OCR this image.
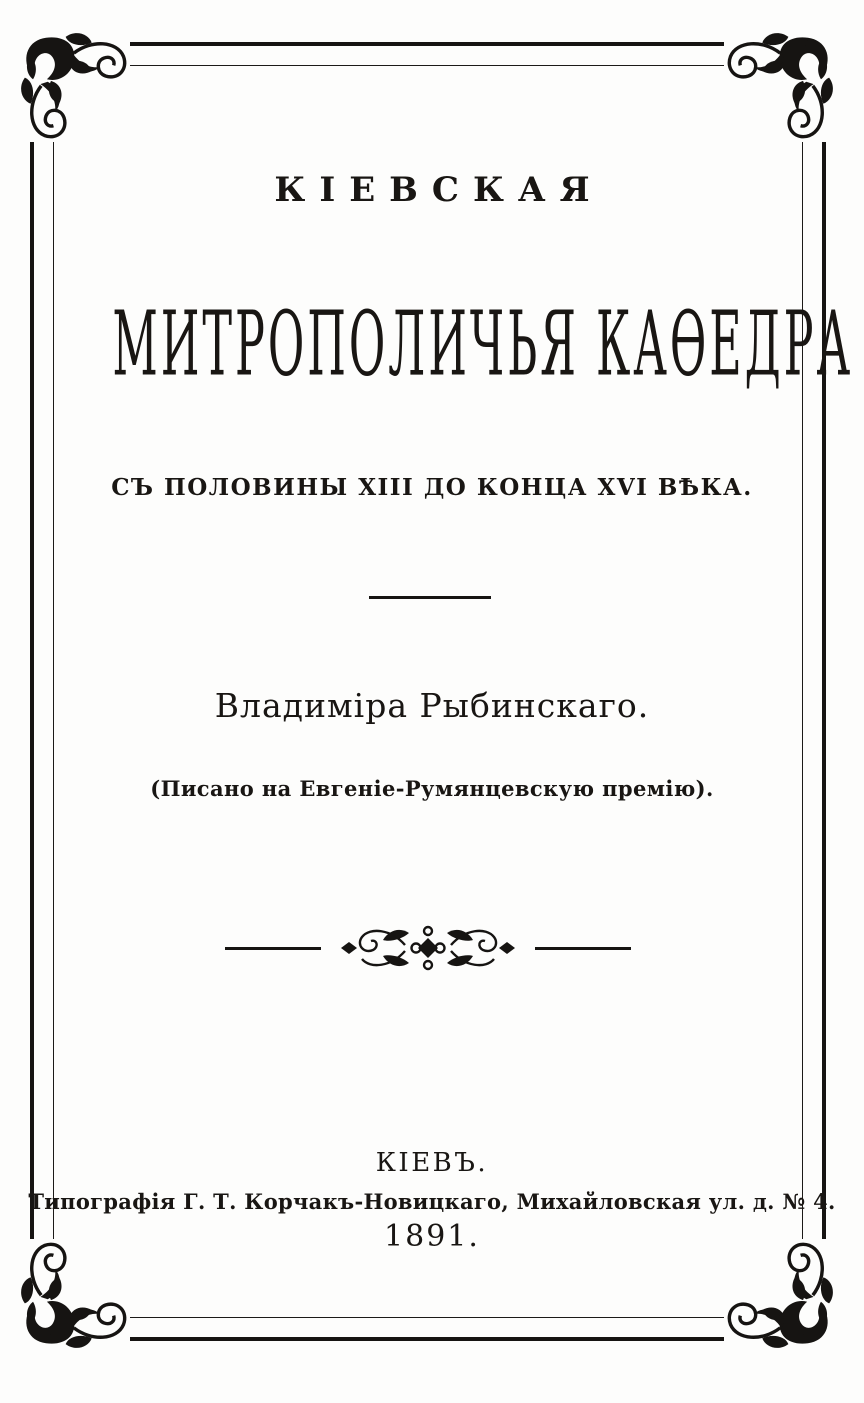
КІЕВСКАЯ
МИТРОПОЛИЧЬЯ КАѲЕДРА
СЪ ПОЛОВИНЫ XIII ДО КОНЦА XVI ВѢКА.
Владиміра Рыбинскаго.
(Писано на Евгеніе-Румянцевскую премію).
КІЕВЪ.
Типографія Г. Т. Корчакъ-Новицкаго, Михайловская ул. д. № 4.
1891.
